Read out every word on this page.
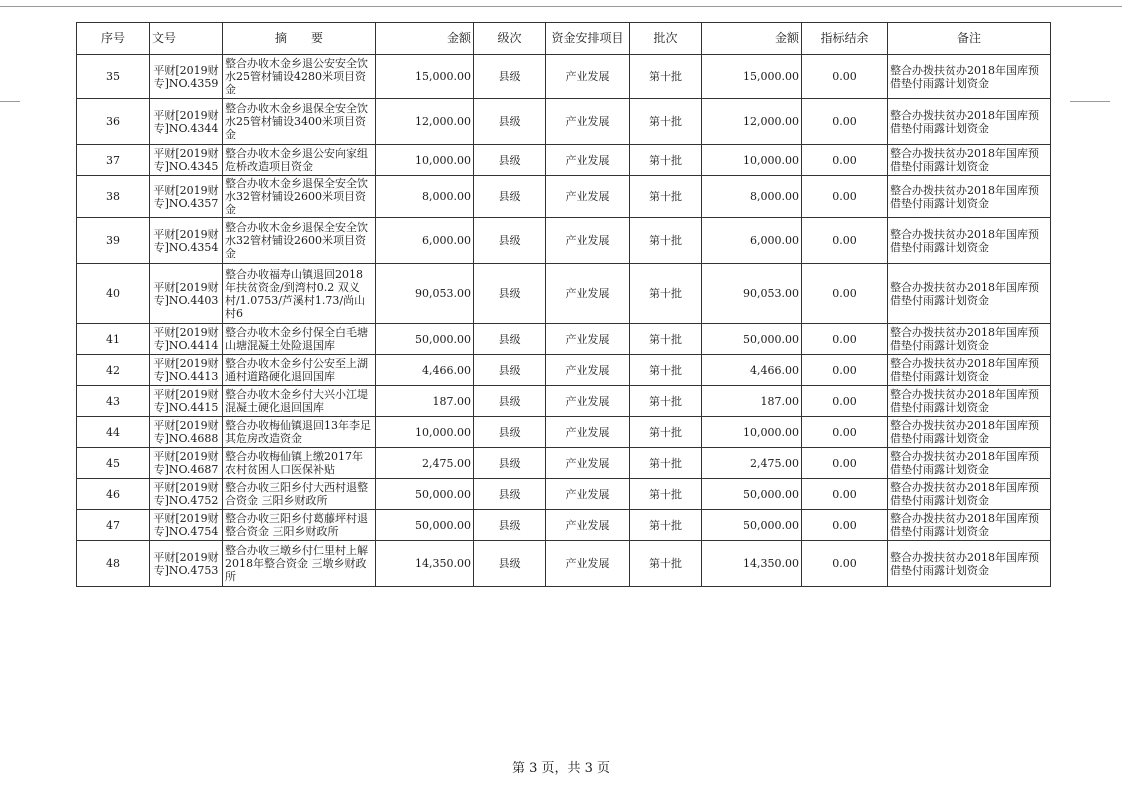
序号	文号	摘　　要	金额	级次	资金安排项目	批次	金额	指标结余	备注
35	平财[2019财专]NO.4359	整合办收木金乡退公安安全饮水25管材铺设4280米项目资金	15,000.00	县级	产业发展	第十批	15,000.00	0.00	整合办拨扶贫办2018年国库预借垫付雨露计划资金
36	平财[2019财专]NO.4344	整合办收木金乡退保全安全饮水25管材铺设3400米项目资金	12,000.00	县级	产业发展	第十批	12,000.00	0.00	整合办拨扶贫办2018年国库预借垫付雨露计划资金
37	平财[2019财专]NO.4345	整合办收木金乡退公安向家组危桥改造项目资金	10,000.00	县级	产业发展	第十批	10,000.00	0.00	整合办拨扶贫办2018年国库预借垫付雨露计划资金
38	平财[2019财专]NO.4357	整合办收木金乡退保全安全饮水32管材铺设2600米项目资金	8,000.00	县级	产业发展	第十批	8,000.00	0.00	整合办拨扶贫办2018年国库预借垫付雨露计划资金
39	平财[2019财专]NO.4354	整合办收木金乡退保全安全饮水32管材铺设2600米项目资金	6,000.00	县级	产业发展	第十批	6,000.00	0.00	整合办拨扶贫办2018年国库预借垫付雨露计划资金
40	平财[2019财专]NO.4403	整合办收福寿山镇退回2018年扶贫资金/到湾村0.2 双义村/1.0753/芦溪村1.73/尚山村6	90,053.00	县级	产业发展	第十批	90,053.00	0.00	整合办拨扶贫办2018年国库预借垫付雨露计划资金
41	平财[2019财专]NO.4414	整合办收木金乡付保全白毛塘山塘混凝土处险退国库	50,000.00	县级	产业发展	第十批	50,000.00	0.00	整合办拨扶贫办2018年国库预借垫付雨露计划资金
42	平财[2019财专]NO.4413	整合办收木金乡付公安至上湖通村道路硬化退回国库	4,466.00	县级	产业发展	第十批	4,466.00	0.00	整合办拨扶贫办2018年国库预借垫付雨露计划资金
43	平财[2019财专]NO.4415	整合办收木金乡付大兴小江堤混凝土硬化退回国库	187.00	县级	产业发展	第十批	187.00	0.00	整合办拨扶贫办2018年国库预借垫付雨露计划资金
44	平财[2019财专]NO.4688	整合办收梅仙镇退回13年李足其危房改造资金	10,000.00	县级	产业发展	第十批	10,000.00	0.00	整合办拨扶贫办2018年国库预借垫付雨露计划资金
45	平财[2019财专]NO.4687	整合办收梅仙镇上缴2017年农村贫困人口医保补贴	2,475.00	县级	产业发展	第十批	2,475.00	0.00	整合办拨扶贫办2018年国库预借垫付雨露计划资金
46	平财[2019财专]NO.4752	整合办收三阳乡付大西村退整合资金 三阳乡财政所	50,000.00	县级	产业发展	第十批	50,000.00	0.00	整合办拨扶贫办2018年国库预借垫付雨露计划资金
47	平财[2019财专]NO.4754	整合办收三阳乡付葛藤坪村退整合资金 三阳乡财政所	50,000.00	县级	产业发展	第十批	50,000.00	0.00	整合办拨扶贫办2018年国库预借垫付雨露计划资金
48	平财[2019财专]NO.4753	整合办收三墩乡付仁里村上解2018年整合资金 三墩乡财政所	14,350.00	县级	产业发展	第十批	14,350.00	0.00	整合办拨扶贫办2018年国库预借垫付雨露计划资金
第 3 页，共 3 页
